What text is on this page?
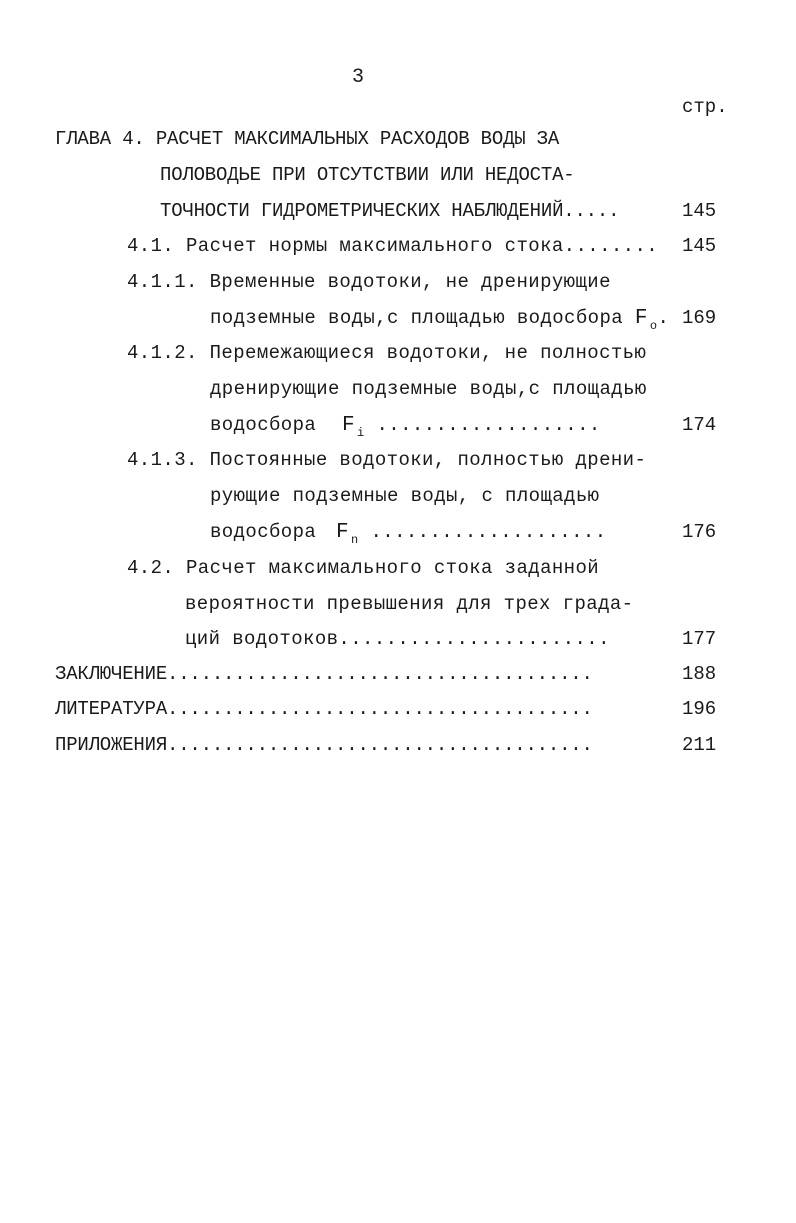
3
стр.
ГЛАВА 4. РАСЧЕТ МАКСИМАЛЬНЫХ РАСХОДОВ ВОДЫ ЗА
ПОЛОВОДЬЕ ПРИ ОТСУТСТВИИ ИЛИ НЕДОСТА-
ТОЧНОСТИ ГИДРОМЕТРИЧЕСКИХ НАБЛЮДЕНИЙ.....	145
4.1. Расчет нормы максимального стока........ 145
4.1.1. Временные водотоки, не дренирующие
подземные воды,с площадью водосбора F $_о$. 169
4.1.2. Перемежающиеся водотоки, не полностью
дренирующие подземные воды,с площадью
водосбора F $_i$ ...................	174
4.1.3. Постоянные водотоки, полностью дрени-
рующие подземные воды, с площадью
водосбора F $_n$ ....................	176
4.2. Расчет максимального стока заданной
вероятности превышения для трех града-
ций водотоков.......................	177
ЗАКЛЮЧЕНИЕ......................................	188
ЛИТЕРАТУРА......................................	196
ПРИЛОЖЕНИЯ......................................	211
